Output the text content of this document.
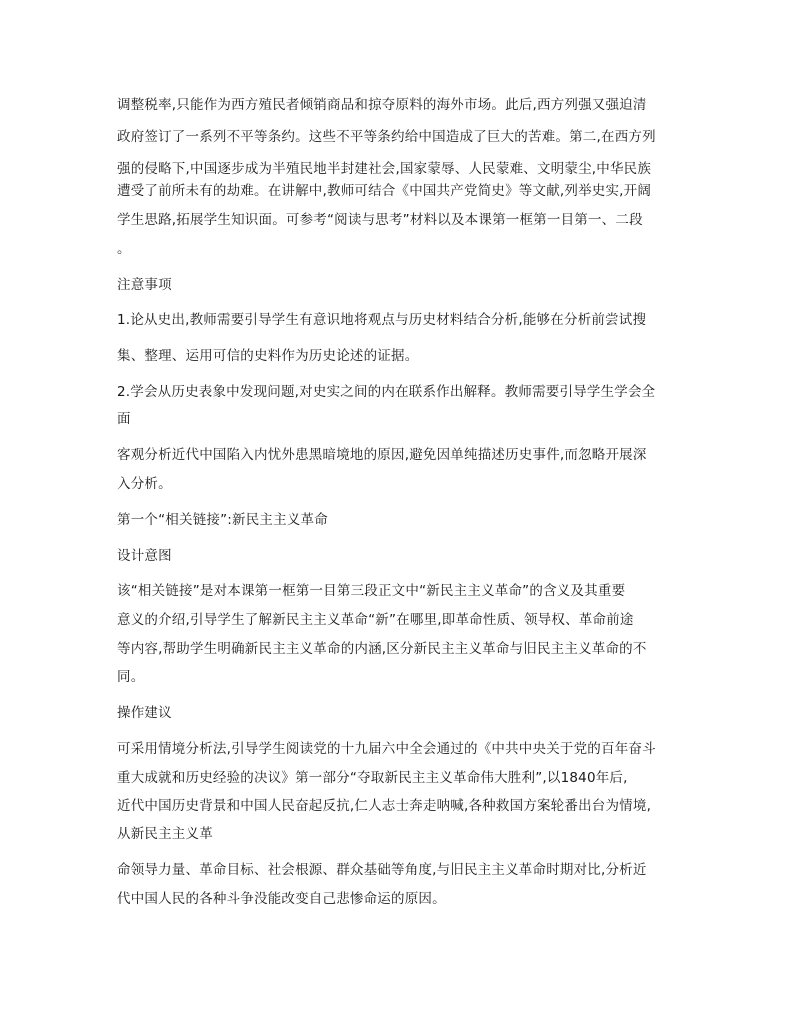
调整税率,只能作为西方殖民者倾销商品和掠夺原料的海外市场。此后,西方列强又强迫清
政府签订了一系列不平等条约。这些不平等条约给中国造成了巨大的苦难。第二,在西方列
强的侵略下,中国逐步成为半殖民地半封建社会,国家蒙辱、人民蒙难、文明蒙尘,中华民族
遭受了前所未有的劫难。在讲解中,教师可结合《中国共产党简史》等文献,列举史实,开阔
学生思路,拓展学生知识面。可参考“阅读与思考”材料以及本课第一框第一目第一、二段
。
注意事项
1.论从史出,教师需要引导学生有意识地将观点与历史材料结合分析,能够在分析前尝试搜
集、整理、运用可信的史料作为历史论述的证据。
2.学会从历史表象中发现问题,对史实之间的内在联系作出解释。教师需要引导学生学会全
面
客观分析近代中国陷入内忧外患黑暗境地的原因,避免因单纯描述历史事件,而忽略开展深
入分析。
第一个“相关链接”:新民主主义革命
设计意图
该“相关链接”是对本课第一框第一目第三段正文中“新民主主义革命”的含义及其重要
意义的介绍,引导学生了解新民主主义革命“新”在哪里,即革命性质、领导权、革命前途
等内容,帮助学生明确新民主主义革命的内涵,区分新民主主义革命与旧民主主义革命的不
同。
操作建议
可采用情境分析法,引导学生阅读党的十九届六中全会通过的《中共中央关于党的百年奋斗
重大成就和历史经验的决议》第一部分“夺取新民主主义革命伟大胜利”,以1840年后,
近代中国历史背景和中国人民奋起反抗,仁人志士奔走呐喊,各种救国方案轮番出台为情境,
从新民主主义革
命领导力量、革命目标、社会根源、群众基础等角度,与旧民主主义革命时期对比,分析近
代中国人民的各种斗争没能改变自己悲惨命运的原因。
